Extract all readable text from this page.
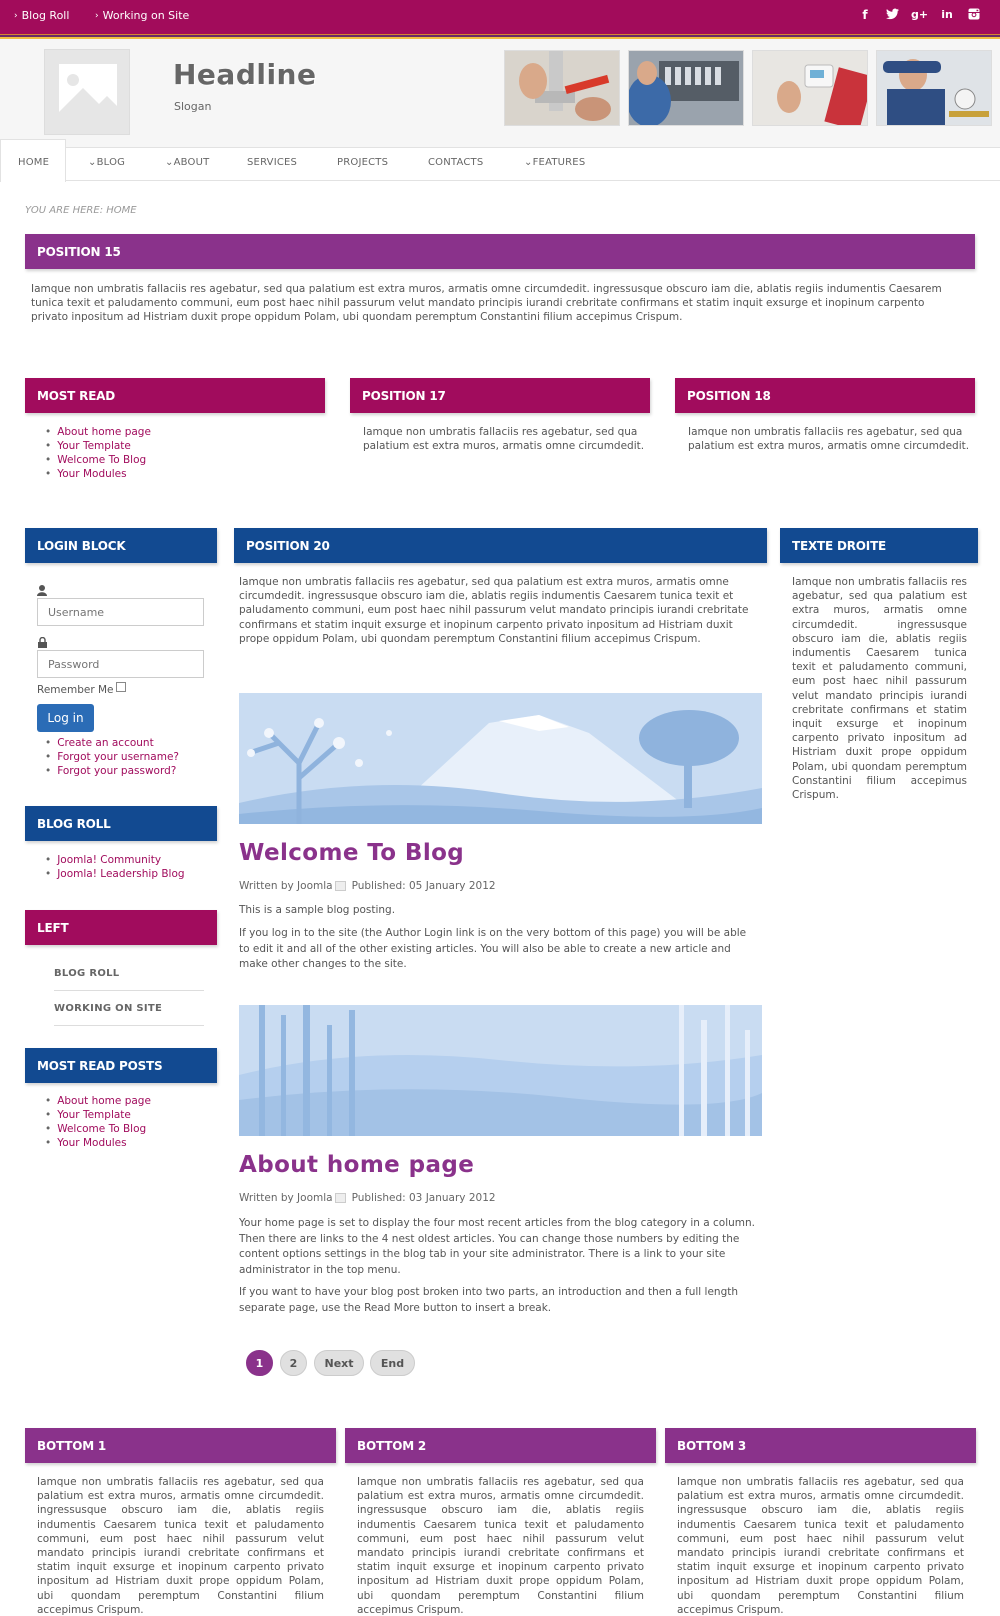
› Blog Roll	› Working on Site	f	g+ in
Headline
Slogan
HOME	⌄BLOG	⌄ABOUT	SERVICES	PROJECTS	CONTACTS	⌄FEATURES
YOU ARE HERE: HOME
POSITION 15
Iamque non umbratis fallaciis res agebatur, sed qua palatium est extra muros, armatis omne circumdedit. ingressusque obscuro iam die, ablatis regiis indumentis Caesarem tunica texit et paludamento communi, eum post haec nihil passurum velut mandato principis iurandi crebritate confirmans et statim inquit exsurge et inopinum carpento privato inpositum ad Histriam duxit prope oppidum Polam, ubi quondam peremptum Constantini filium accepimus Crispum.
MOST READ
• About home page
• Your Template
• Welcome To Blog
• Your Modules
POSITION 17
Iamque non umbratis fallaciis res agebatur, sed qua palatium est extra muros, armatis omne circumdedit.
POSITION 18
Iamque non umbratis fallaciis res agebatur, sed qua palatium est extra muros, armatis omne circumdedit.
LOGIN BLOCK
Username
Remember Me
Log in
• Create an account
• Forgot your username?
• Forgot your password?
BLOG ROLL
• Joomla! Community
• Joomla! Leadership Blog
LEFT
BLOG ROLL
WORKING ON SITE
MOST READ POSTS
• About home page
• Your Template
• Welcome To Blog
• Your Modules
POSITION 20
Iamque non umbratis fallaciis res agebatur, sed qua palatium est extra muros, armatis omne circumdedit. ingressusque obscuro iam die, ablatis regiis indumentis Caesarem tunica texit et paludamento communi, eum post haec nihil passurum velut mandato principis iurandi crebritate confirmans et statim inquit exsurge et inopinum carpento privato inpositum ad Histriam duxit prope oppidum Polam, ubi quondam peremptum Constantini filium accepimus Crispum.
Welcome To Blog
Written by Joomla Published: 05 January 2012
This is a sample blog posting.
If you log in to the site (the Author Login link is on the very bottom of this page) you will be able to edit it and all of the other existing articles. You will also be able to create a new article and make other changes to the site.
About home page
Written by Joomla Published: 03 January 2012
Your home page is set to display the four most recent articles from the blog category in a column. Then there are links to the 4 nest oldest articles. You can change those numbers by editing the content options settings in the blog tab in your site administrator. There is a link to your site administrator in the top menu.
If you want to have your blog post broken into two parts, an introduction and then a full length separate page, use the Read More button to insert a break.
1	2	Next	End
TEXTE DROITE
Iamque non umbratis fallaciis res agebatur, sed qua palatium est extra muros, armatis omne circumdedit. ingressusque obscuro iam die, ablatis regiis indumentis Caesarem tunica texit et paludamento communi, eum post haec nihil passurum velut mandato principis iurandi crebritate confirmans et statim inquit exsurge et inopinum carpento privato inpositum ad Histriam duxit prope oppidum Polam, ubi quondam peremptum Constantini filium accepimus Crispum.
BOTTOM 1
Iamque non umbratis fallaciis res agebatur, sed qua palatium est extra muros, armatis omne circumdedit. ingressusque obscuro iam die, ablatis regiis indumentis Caesarem tunica texit et paludamento communi, eum post haec nihil passurum velut mandato principis iurandi crebritate confirmans et statim inquit exsurge et inopinum carpento privato inpositum ad Histriam duxit prope oppidum Polam, ubi quondam peremptum Constantini filium accepimus Crispum.
BOTTOM 2
Iamque non umbratis fallaciis res agebatur, sed qua palatium est extra muros, armatis omne circumdedit. ingressusque obscuro iam die, ablatis regiis indumentis Caesarem tunica texit et paludamento communi, eum post haec nihil passurum velut mandato principis iurandi crebritate confirmans et statim inquit exsurge et inopinum carpento privato inpositum ad Histriam duxit prope oppidum Polam, ubi quondam peremptum Constantini filium accepimus Crispum.
BOTTOM 3
Iamque non umbratis fallaciis res agebatur, sed qua palatium est extra muros, armatis omne circumdedit. ingressusque obscuro iam die, ablatis regiis indumentis Caesarem tunica texit et paludamento communi, eum post haec nihil passurum velut mandato principis iurandi crebritate confirmans et statim inquit exsurge et inopinum carpento privato inpositum ad Histriam duxit prope oppidum Polam, ubi quondam peremptum Constantini filium accepimus Crispum.
